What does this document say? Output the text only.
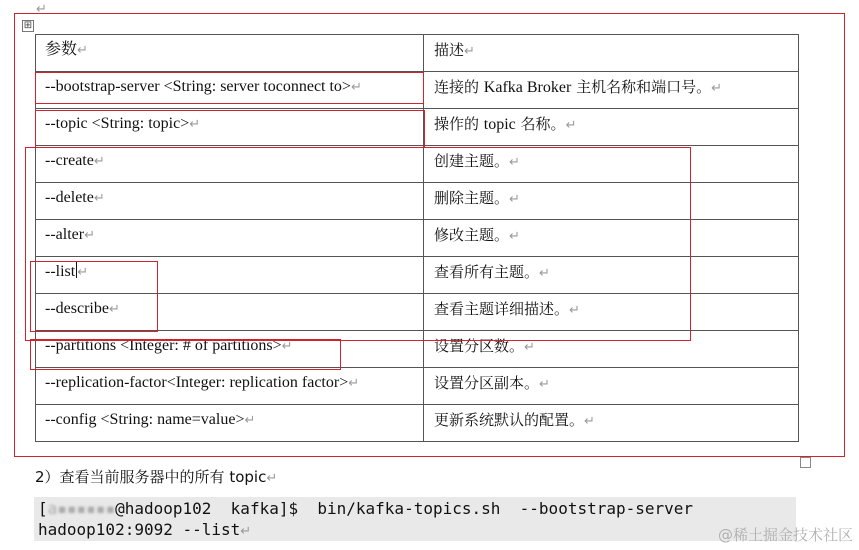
↵
⊞
参数↵	描述↵
--bootstrap-server <String: server toconnect to>↵	连接的 Kafka Broker 主机名称和端口号。↵
--topic <String: topic>↵	操作的 topic 名称。↵
--create↵	创建主题。↵
--delete↵	删除主题。↵
--alter↵	修改主题。↵
--list ↵	查看所有主题。↵
--describe↵	查看主题详细描述。↵
--partitions <Integer: # of partitions>↵	设置分区数。↵
--replication-factor<Integer: replication factor>↵	设置分区副本。↵
--config <String: name=value>↵	更新系统默认的配置。↵
2）查看当前服务器中的所有 topic↵
[a▪▪▪▪▪▪@hadoop102  kafka]$  bin/kafka-topics.sh  --bootstrap-server
hadoop102:9092 --list↵	@稀土掘金技术社区
